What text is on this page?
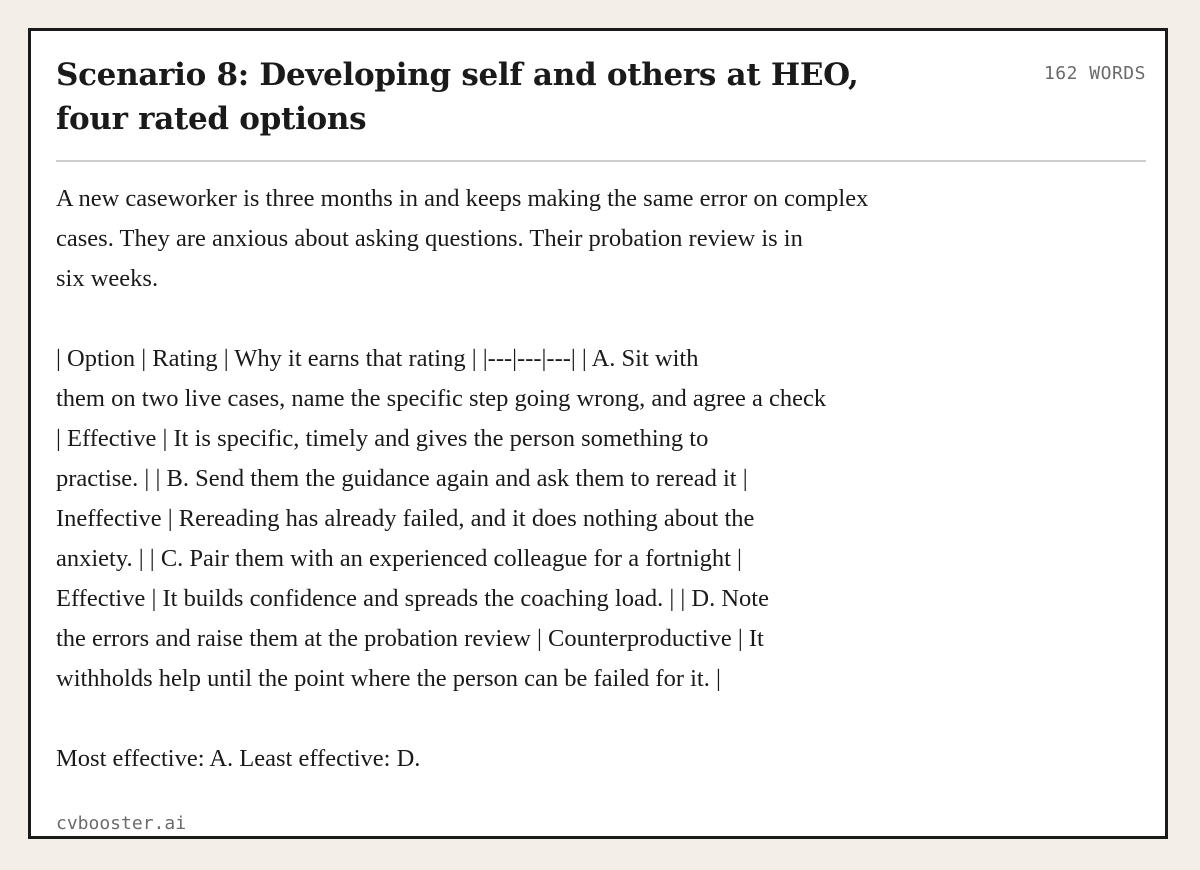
Scenario 8: Developing self and others at HEO,
four rated options
162 WORDS

A new caseworker is three months in and keeps making the same error on complex
cases. They are anxious about asking questions. Their probation review is in
six weeks.

| Option | Rating | Why it earns that rating | |---|---|---| | A. Sit with
them on two live cases, name the specific step going wrong, and agree a check
| Effective | It is specific, timely and gives the person something to
practise. | | B. Send them the guidance again and ask them to reread it |
Ineffective | Rereading has already failed, and it does nothing about the
anxiety. | | C. Pair them with an experienced colleague for a fortnight |
Effective | It builds confidence and spreads the coaching load. | | D. Note
the errors and raise them at the probation review | Counterproductive | It
withholds help until the point where the person can be failed for it. |

Most effective: A. Least effective: D.

cvbooster.ai
